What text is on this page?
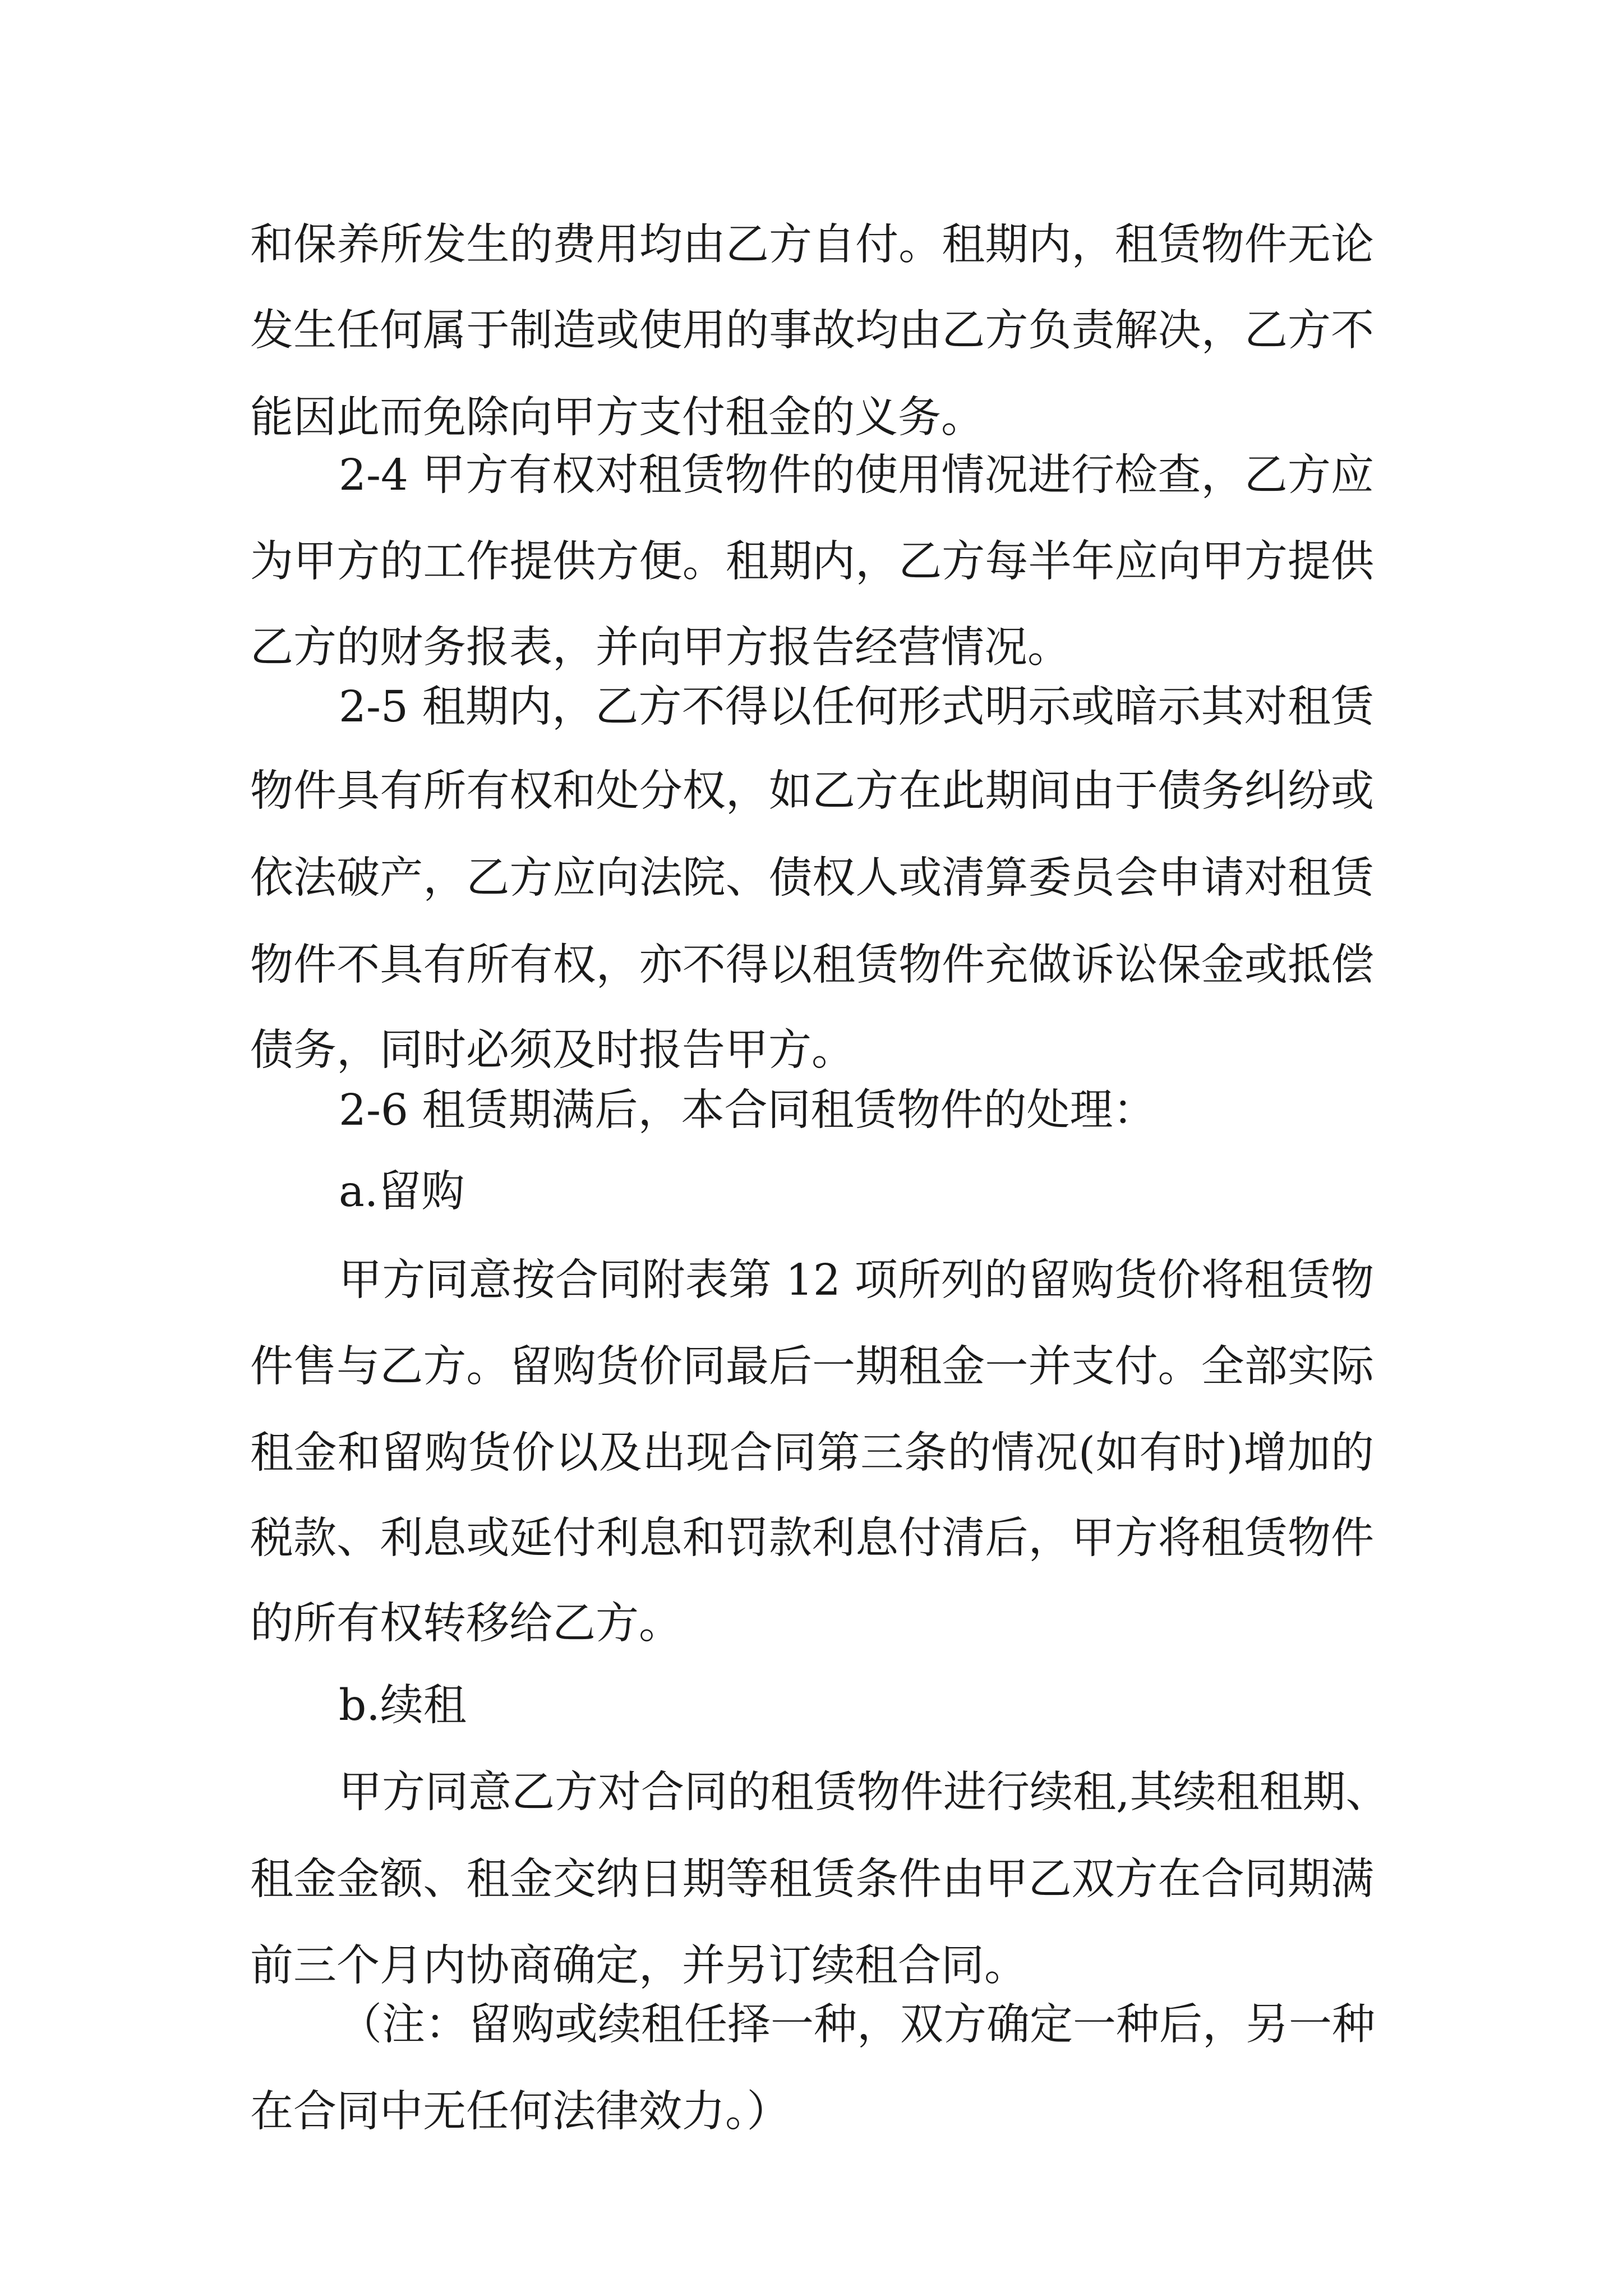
和保养所发生的费用均由乙方自付。租期内，租赁物件无论

发生任何属于制造或使用的事故均由乙方负责解决，乙方不

能因此而免除向甲方支付租金的义务。

2-4 甲方有权对租赁物件的使用情况进行检查，乙方应

为甲方的工作提供方便。租期内，乙方每半年应向甲方提供

乙方的财务报表，并向甲方报告经营情况。

2-5 租期内，乙方不得以任何形式明示或暗示其对租赁

物件具有所有权和处分权，如乙方在此期间由于债务纠纷或

依法破产，乙方应向法院、债权人或清算委员会申请对租赁

物件不具有所有权，亦不得以租赁物件充做诉讼保金或抵偿

债务，同时必须及时报告甲方。

2-6 租赁期满后，本合同租赁物件的处理：

a.留购

甲方同意按合同附表第 12 项所列的留购货价将租赁物

件售与乙方。留购货价同最后一期租金一并支付。全部实际

租金和留购货价以及出现合同第三条的情况(如有时)增加的

税款、利息或延付利息和罚款利息付清后，甲方将租赁物件

的所有权转移给乙方。

b.续租

甲方同意乙方对合同的租赁物件进行续租,其续租租期、

租金金额、租金交纳日期等租赁条件由甲乙双方在合同期满

前三个月内协商确定，并另订续租合同。

（注：留购或续租任择一种，双方确定一种后，另一种

在合同中无任何法律效力。）
